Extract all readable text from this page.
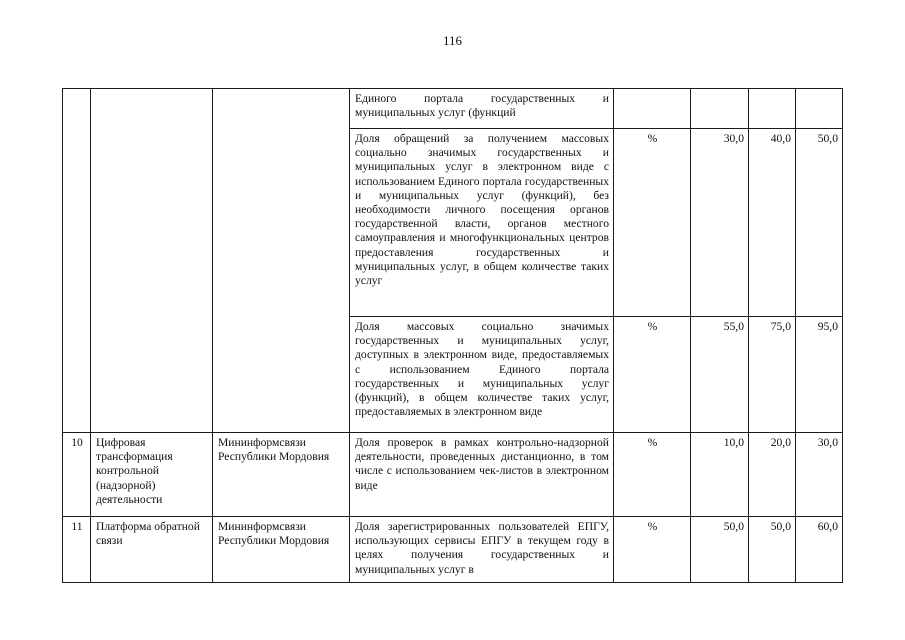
116
			Единого портала государственных и муниципальных услуг (функций				
			Доля обращений за получением массовых социально значимых государственных и муниципальных услуг в электронном виде с использованием Единого портала государственных и муниципальных услуг (функций), без необходимости личного посещения органов государственной власти, органов местного самоуправления и многофункциональных центров предоставления государственных и муниципальных услуг, в общем количестве таких услуг	%	30,0	40,0	50,0
			Доля массовых социально значимых государственных и муниципальных услуг, доступных в электронном виде, предоставляемых с использованием Единого портала государственных и муниципальных услуг (функций), в общем количестве таких услуг, предоставляемых в электронном виде	%	55,0	75,0	95,0
10	Цифровая трансформация контрольной (надзорной) деятельности	Мининформсвязи Республики Мордовия	Доля проверок в рамках контрольно-надзорной деятельности, проведенных дистанционно, в том числе с использованием чек-листов в электронном виде	%	10,0	20,0	30,0
11	Платформа обратной связи	Мининформсвязи Республики Мордовия	Доля зарегистрированных пользователей ЕПГУ, использующих сервисы ЕПГУ в текущем году в целях получения государственных и муниципальных услуг в	%	50,0	50,0	60,0
